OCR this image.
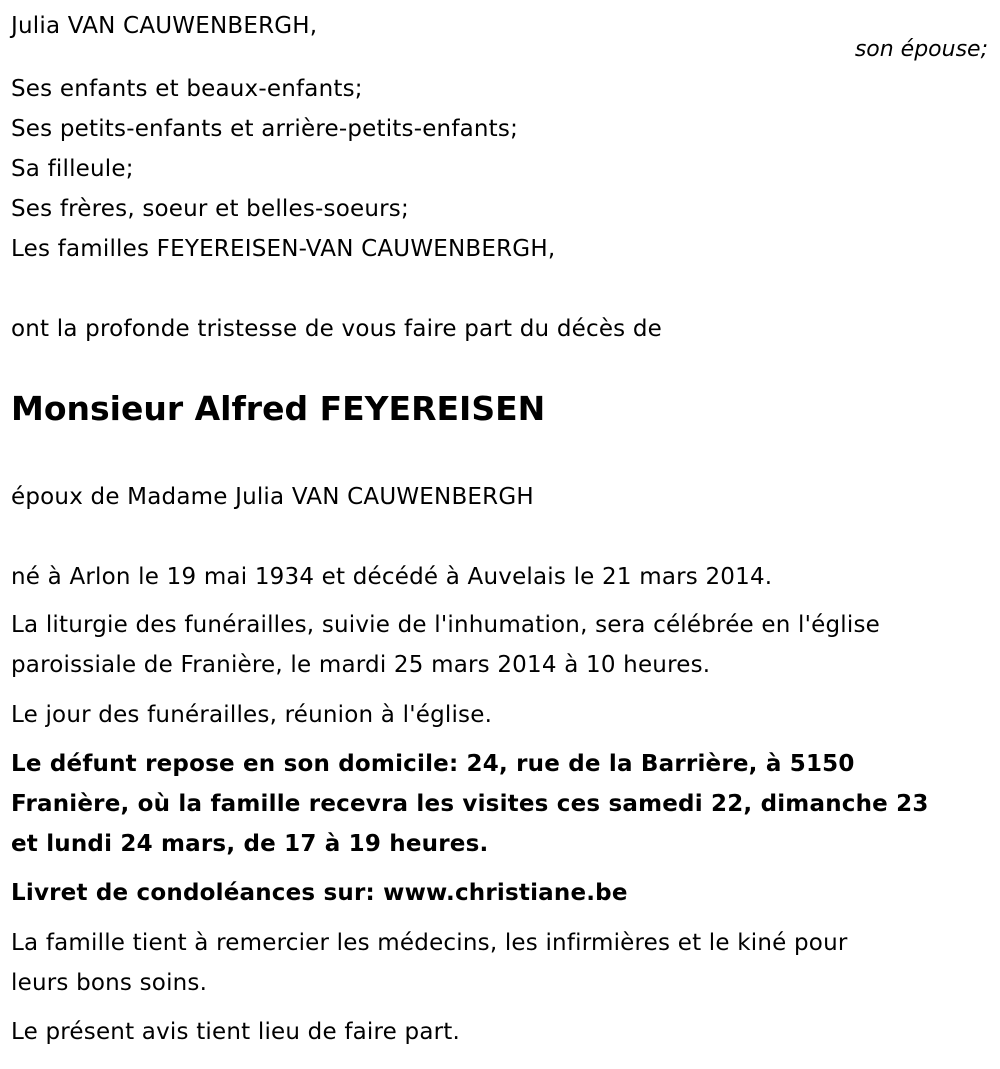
Julia VAN CAUWENBERGH,
son épouse;
Ses enfants et beaux-enfants;
Ses petits-enfants et arrière-petits-enfants;
Sa filleule;
Ses frères, soeur et belles-soeurs;
Les familles FEYEREISEN-VAN CAUWENBERGH,
ont la profonde tristesse de vous faire part du décès de
Monsieur Alfred FEYEREISEN
époux de Madame Julia VAN CAUWENBERGH
né à Arlon le 19 mai 1934 et décédé à Auvelais le 21 mars 2014.
La liturgie des funérailles, suivie de l'inhumation, sera célébrée en l'église
paroissiale de Franière, le mardi 25 mars 2014 à 10 heures.
Le jour des funérailles, réunion à l'église.
Le défunt repose en son domicile: 24, rue de la Barrière, à 5150
Franière, où la famille recevra les visites ces samedi 22, dimanche 23
et lundi 24 mars, de 17 à 19 heures.
Livret de condoléances sur: www.christiane.be
La famille tient à remercier les médecins, les infirmières et le kiné pour
leurs bons soins.
Le présent avis tient lieu de faire part.
